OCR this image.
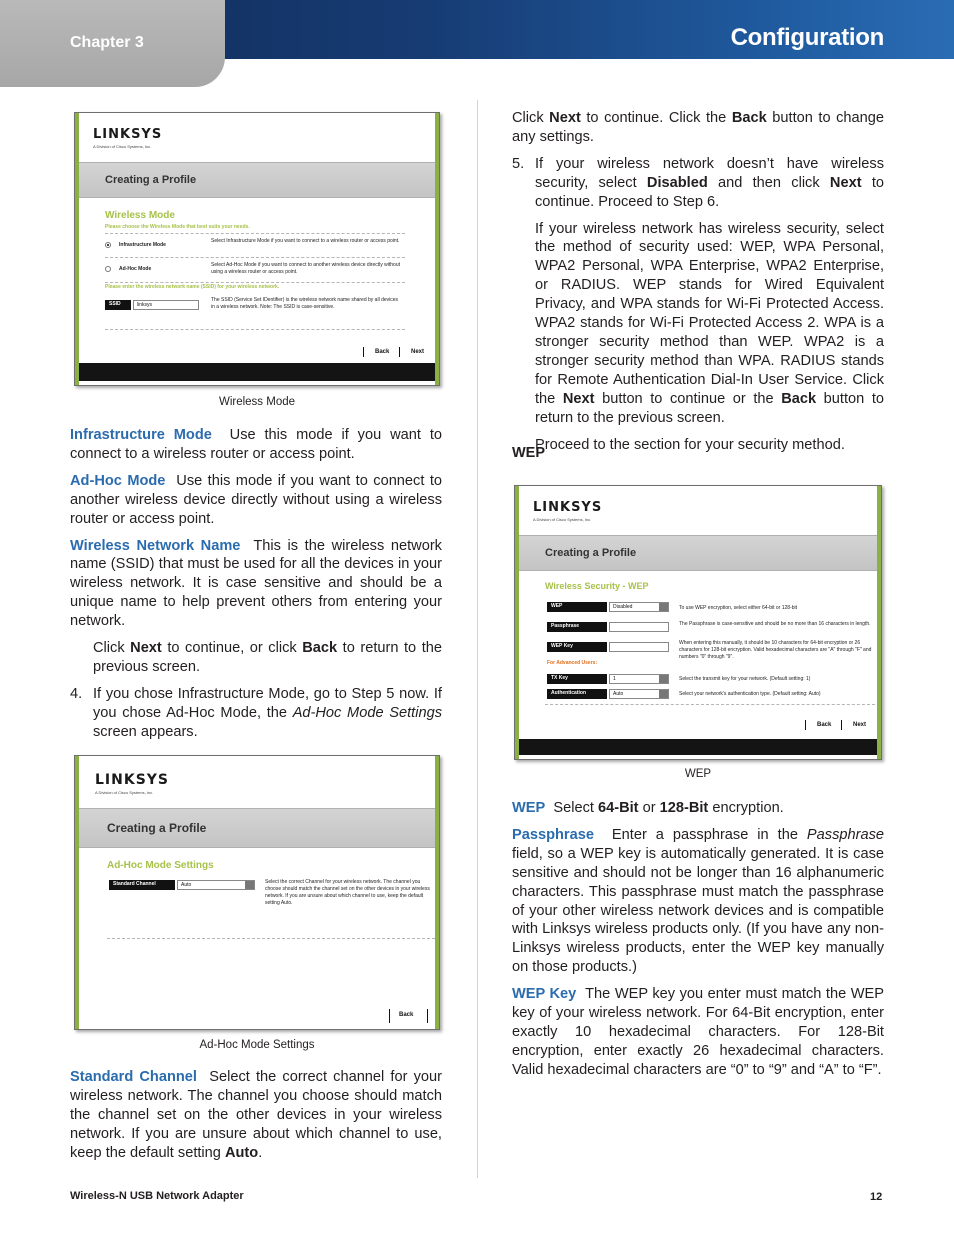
Chapter 3	Configuration
LINKSYS
A Division of Cisco Systems, Inc.
Creating a Profile
Wireless Mode
Please choose the Wireless Mode that best suits your needs.
Infrastructure Mode
Select Infrastructure Mode if you want to connect to a wireless router or access point.
Ad-Hoc Mode
Select Ad-Hoc Mode if you want to connect to another wireless device directly without using a wireless router or access point.
Please enter the wireless network name (SSID) for your wireless network.
SSID	linksys
The SSID (Service Set IDentifier) is the wireless network name shared by all devices in a wireless network. Note: The SSID is case-sensitive.
Back	Next
Wireless Mode

Infrastructure Mode Use this mode if you want to connect to a wireless router or access point.

Ad-Hoc Mode Use this mode if you want to connect to another wireless device directly without using a wireless router or access point.

Wireless Network Name This is the wireless network name (SSID) that must be used for all the devices in your wireless network. It is case sensitive and should be a unique name to help prevent others from entering your network.

Click Next to continue, or click Back to return to the previous screen.

4. If you chose Infrastructure Mode, go to Step 5 now. If you chose Ad-Hoc Mode, the Ad-Hoc Mode Settings screen appears.

LINKSYS
A Division of Cisco Systems, Inc.
Creating a Profile
Ad-Hoc Mode Settings
Standard Channel	Auto	Select the correct Channel for your wireless network. The channel you choose should match the channel set on the other devices in your wireless network. If you are unsure about which channel to use, keep the default setting Auto.
Back
Ad-Hoc Mode Settings

Standard Channel Select the correct channel for your wireless network. The channel you choose should match the channel set on the other devices in your wireless network. If you are unsure about which channel to use, keep the default setting Auto.

Click Next to continue. Click the Back button to change any settings.

5. If your wireless network doesn’t have wireless security, select Disabled and then click Next to continue. Proceed to Step 6.

If your wireless network has wireless security, select the method of security used: WEP, WPA Personal, WPA2 Personal, WPA Enterprise, WPA2 Enterprise, or RADIUS. WEP stands for Wired Equivalent Privacy, and WPA stands for Wi-Fi Protected Access. WPA2 stands for Wi-Fi Protected Access 2. WPA is a stronger security method than WEP. WPA2 is a stronger security method than WPA. RADIUS stands for Remote Authentication Dial-In User Service. Click the Next button to continue or the Back button to return to the previous screen.

Proceed to the section for your security method.

WEP
LINKSYS
A Division of Cisco Systems, Inc.
Creating a Profile
Wireless Security - WEP
WEP	Disabled	To use WEP encryption, select either 64-bit or 128-bit
Passphrase	The Passphrase is case-sensitive and should be no more than 16 characters in length.
WEP Key	When entering this manually, it should be 10 characters for 64-bit encryption or 26 characters for 128-bit encryption. Valid hexadecimal characters are "A" through "F" and numbers "0" through "9".
For Advanced Users:
TX Key	1	Select the transmit key for your network. (Default setting: 1)
Authentication	Auto	Select your network's authentication type. (Default setting: Auto)
Back	Next
WEP

WEP Select 64-Bit or 128-Bit encryption.

Passphrase Enter a passphrase in the Passphrase field, so a WEP key is automatically generated. It is case sensitive and should not be longer than 16 alphanumeric characters. This passphrase must match the passphrase of your other wireless network devices and is compatible with Linksys wireless products only. (If you have any non-Linksys wireless products, enter the WEP key manually on those products.)

WEP Key The WEP key you enter must match the WEP key of your wireless network. For 64-Bit encryption, enter exactly 10 hexadecimal characters. For 128-Bit encryption, enter exactly 26 hexadecimal characters. Valid hexadecimal characters are “0” to “9” and “A” to “F”.

Wireless-N USB Network Adapter	12
